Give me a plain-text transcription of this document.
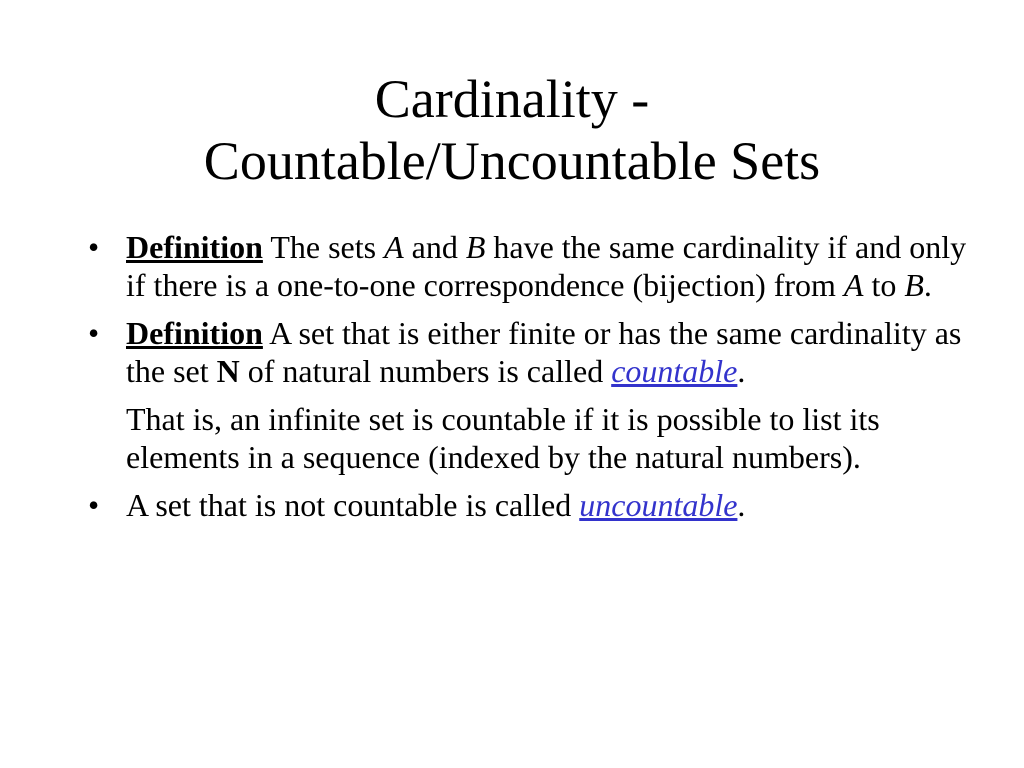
Cardinality -
Countable/Uncountable Sets
• Definition The sets A and B have the same cardinality if and only if there is a one-to-one correspondence (bijection) from A to B.
• Definition A set that is either finite or has the same cardinality as the set N of natural numbers is called countable.
That is, an infinite set is countable if it is possible to list its elements in a sequence (indexed by the natural numbers).
• A set that is not countable is called uncountable.
